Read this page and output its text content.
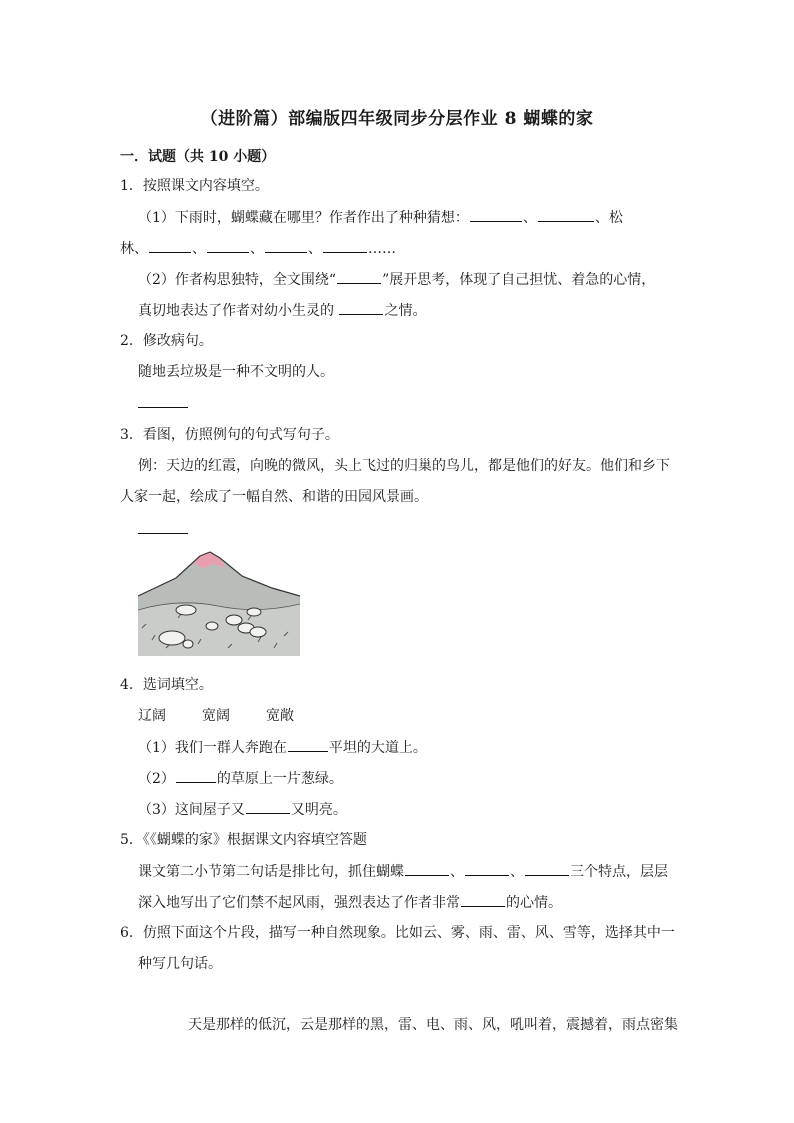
（进阶篇）部编版四年级同步分层作业 8 蝴蝶的家
一．试题（共 10 小题）
1．按照课文内容填空。
（1）下雨时，蝴蝶藏在哪里？作者作出了种种猜想：	、	、松
林、	、	、	、	……
（2）作者构思独特，全文围绕“	”展开思考，体现了自己担忧、着急的心情，
真切地表达了作者对幼小生灵的	之情。
2．修改病句。
随地丢垃圾是一种不文明的人。
3．看图，仿照例句的句式写句子。
例：天边的红霞，向晚的微风，头上飞过的归巢的鸟儿，都是他们的好友。他们和乡下
人家一起，绘成了一幅自然、和谐的田园风景画。
4．选词填空。
辽阔	宽阔	宽敞
（1）我们一群人奔跑在	平坦的大道上。
（2）	的草原上一片葱绿。
（3）这间屋子又	又明亮。
5．《《蝴蝶的家》根据课文内容填空答题
课文第二小节第二句话是排比句，抓住蝴蝶	、	、	三个特点，层层
深入地写出了它们禁不起风雨，强烈表达了作者非常	的心情。
6．仿照下面这个片段，描写一种自然现象。比如云、雾、雨、雷、风、雪等，选择其中一
种写几句话。
天是那样的低沉，云是那样的黑，雷、电、雨、风，吼叫着，震撼着，雨点密集
